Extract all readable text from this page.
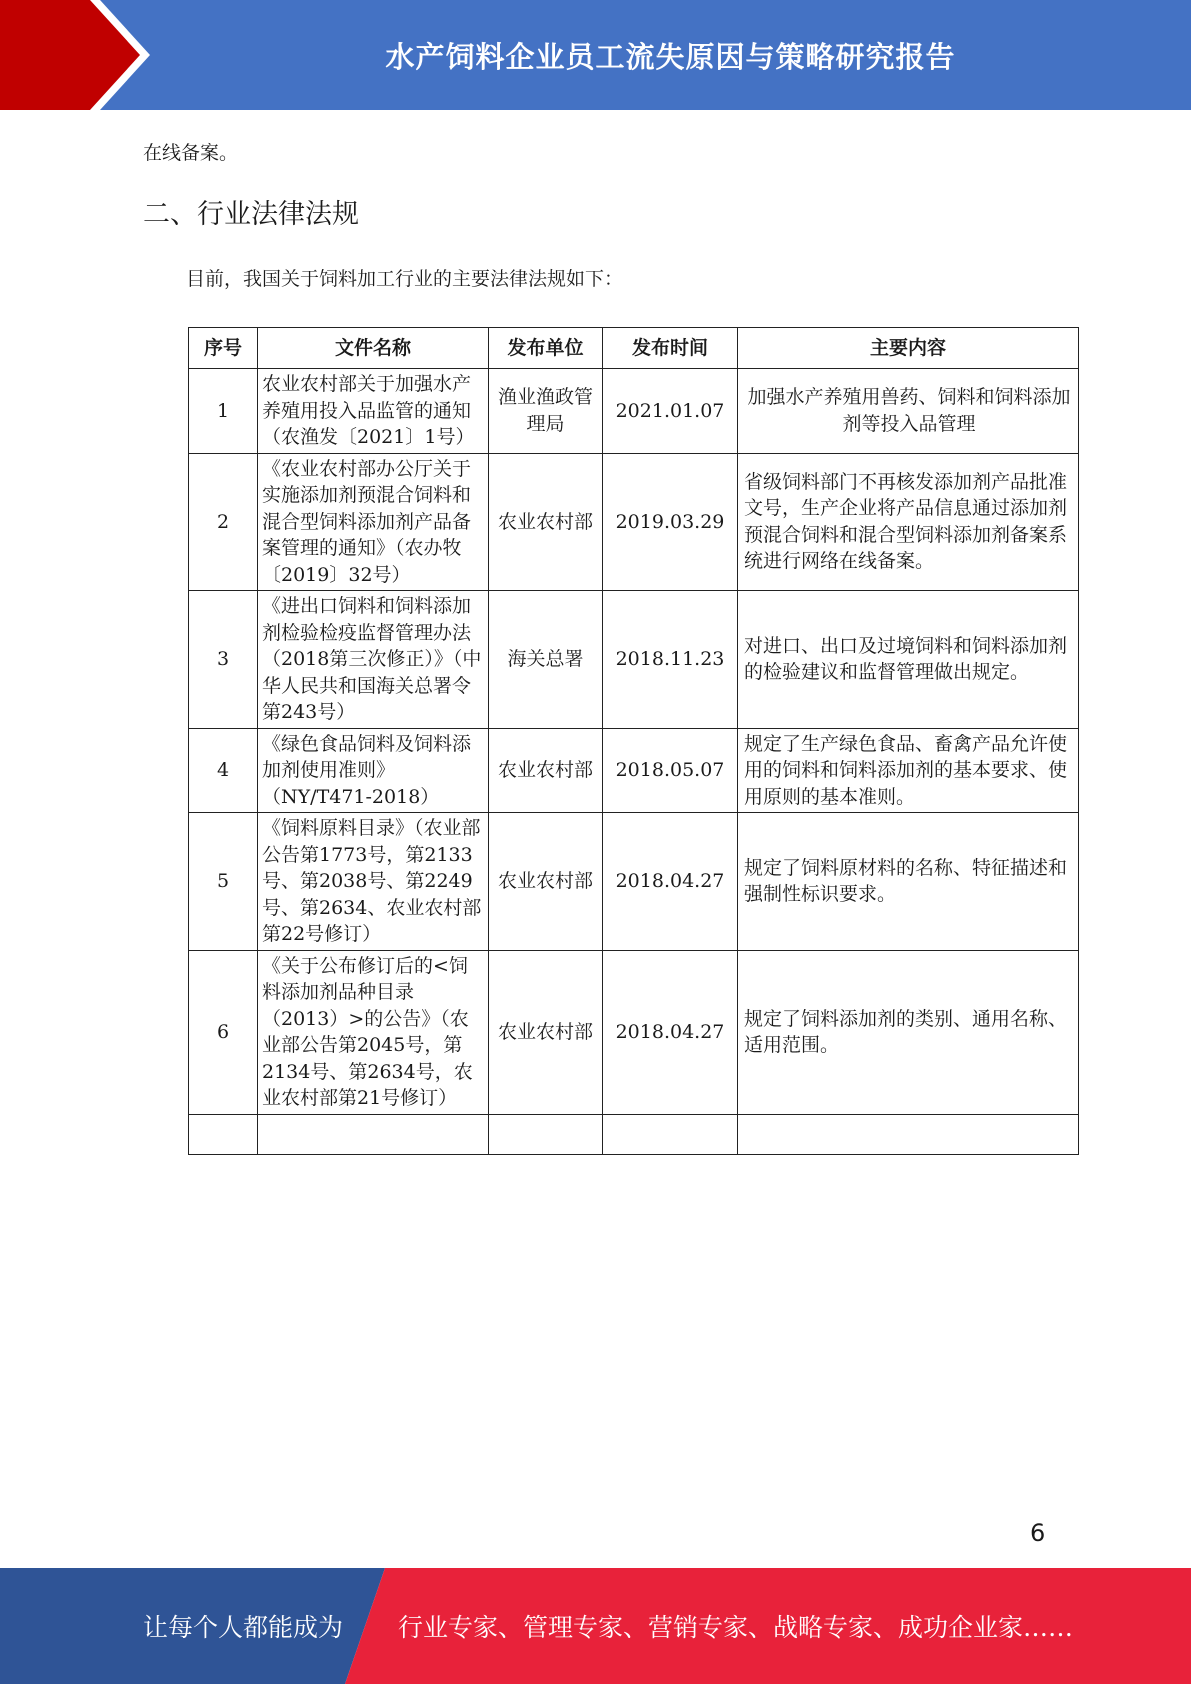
水产饲料企业员工流失原因与策略研究报告
在线备案。
二、行业法律法规
目前，我国关于饲料加工行业的主要法律法规如下：
序号	文件名称	发布单位	发布时间	主要内容
1	农业农村部关于加强水产养殖用投入品监管的通知（农渔发〔2021〕1号）	渔业渔政管理局	2021.01.07	加强水产养殖用兽药、饲料和饲料添加剂等投入品管理
2	《农业农村部办公厅关于实施添加剂预混合饲料和混合型饲料添加剂产品备案管理的通知》（农办牧〔2019〕32号）	农业农村部	2019.03.29	省级饲料部门不再核发添加剂产品批准文号，生产企业将产品信息通过添加剂预混合饲料和混合型饲料添加剂备案系统进行网络在线备案。
3	《进出口饲料和饲料添加剂检验检疫监督管理办法（2018第三次修正）》（中华人民共和国海关总署令第243号）	海关总署	2018.11.23	对进口、出口及过境饲料和饲料添加剂的检验建议和监督管理做出规定。
4	《绿色食品饲料及饲料添加剂使用准则》（NY/T471-2018）	农业农村部	2018.05.07	规定了生产绿色食品、畜禽产品允许使用的饲料和饲料添加剂的基本要求、使用原则的基本准则。
5	《饲料原料目录》（农业部公告第1773号，第2133号、第2038号、第2249号、第2634、农业农村部第22号修订）	农业农村部	2018.04.27	规定了饲料原材料的名称、特征描述和强制性标识要求。
6	《关于公布修订后的<饲料添加剂品种目录（2013）>的公告》（农业部公告第2045号，第2134号、第2634号，农业农村部第21号修订）	农业农村部	2018.04.27	规定了饲料添加剂的类别、通用名称、适用范围。

6
让每个人都能成为 行业专家、管理专家、营销专家、战略专家、成功企业家……
